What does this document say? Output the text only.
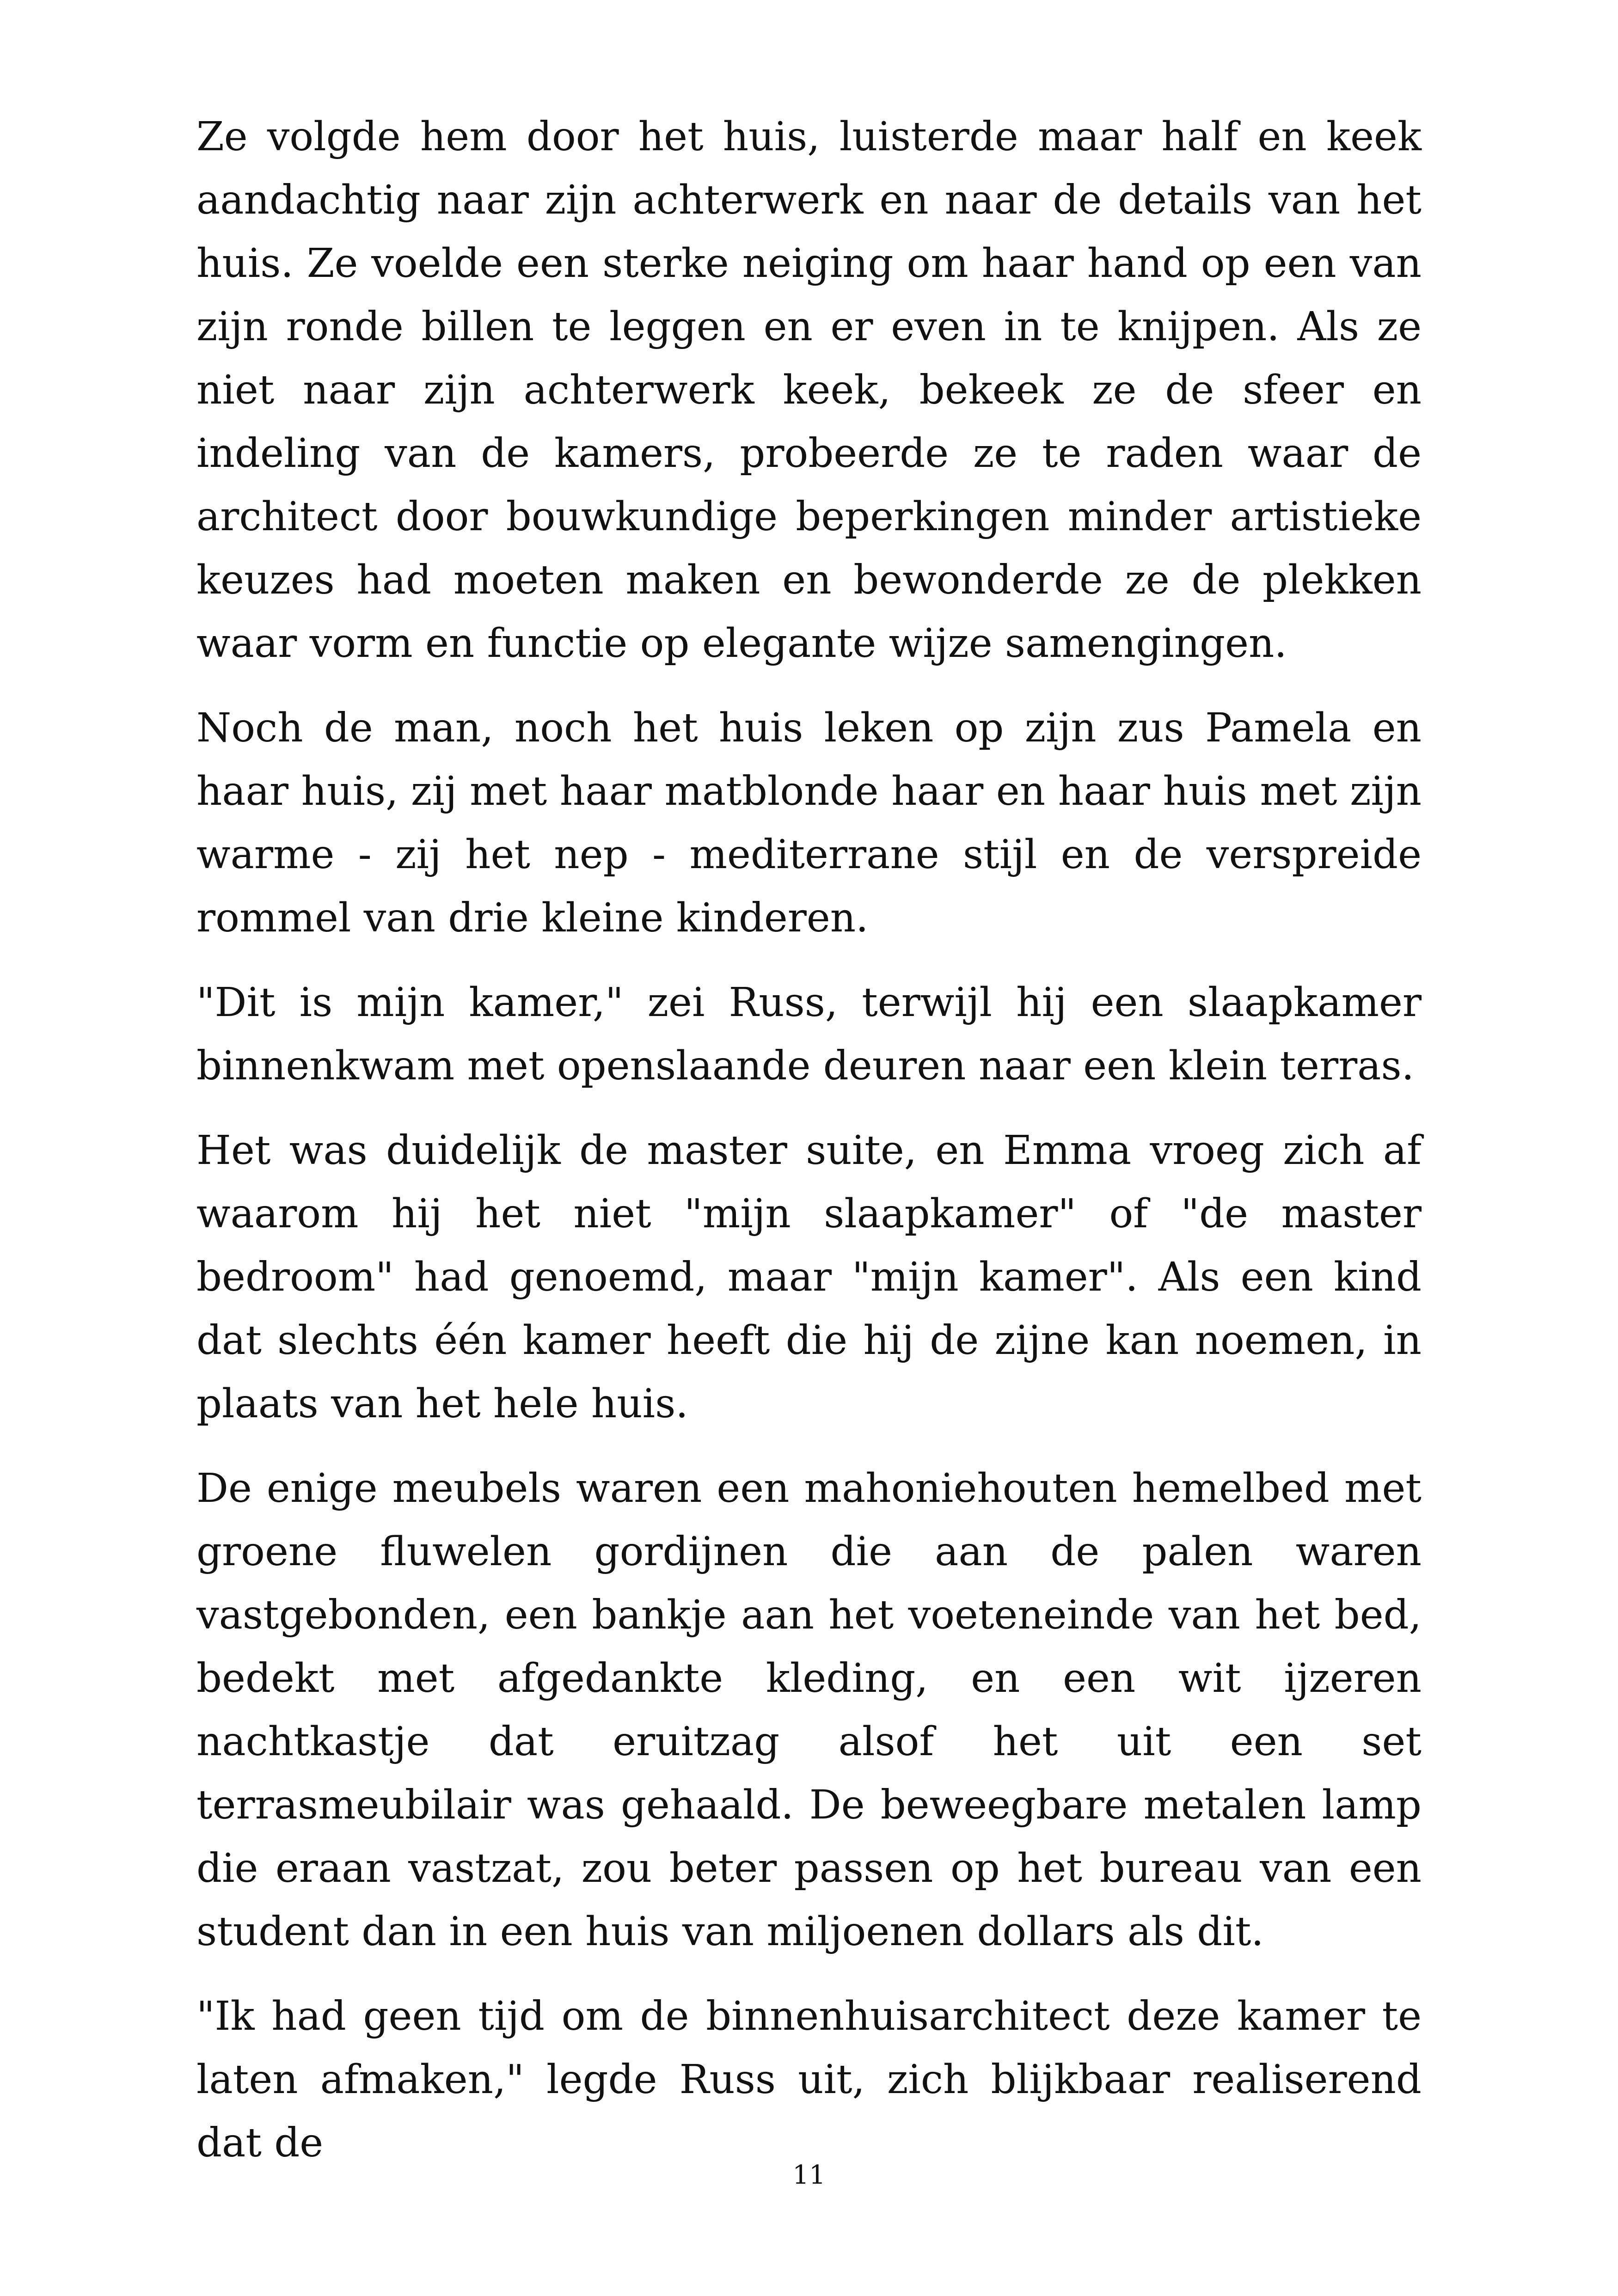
Ze volgde hem door het huis, luisterde maar half en keek aandachtig naar zijn achterwerk en naar de details van het huis. Ze voelde een sterke neiging om haar hand op een van zijn ronde billen te leggen en er even in te knijpen. Als ze niet naar zijn achterwerk keek, bekeek ze de sfeer en indeling van de kamers, probeerde ze te raden waar de architect door bouwkundige beperkingen minder artistieke keuzes had moeten maken en bewonderde ze de plekken waar vorm en functie op elegante wijze samengingen.

Noch de man, noch het huis leken op zijn zus Pamela en haar huis, zij met haar matblonde haar en haar huis met zijn warme - zij het nep - mediterrane stijl en de verspreide rommel van drie kleine kinderen.

"Dit is mijn kamer," zei Russ, terwijl hij een slaapkamer binnenkwam met openslaande deuren naar een klein terras.

Het was duidelijk de master suite, en Emma vroeg zich af waarom hij het niet "mijn slaapkamer" of "de master bedroom" had genoemd, maar "mijn kamer". Als een kind dat slechts één kamer heeft die hij de zijne kan noemen, in plaats van het hele huis.

De enige meubels waren een mahoniehouten hemelbed met groene fluwelen gordijnen die aan de palen waren vastgebonden, een bankje aan het voeteneinde van het bed, bedekt met afgedankte kleding, en een wit ijzeren nachtkastje dat eruitzag alsof het uit een set terrasmeubilair was gehaald. De beweegbare metalen lamp die eraan vastzat, zou beter passen op het bureau van een student dan in een huis van miljoenen dollars als dit.

"Ik had geen tijd om de binnenhuisarchitect deze kamer te laten afmaken," legde Russ uit, zich blijkbaar realiserend dat de

11
